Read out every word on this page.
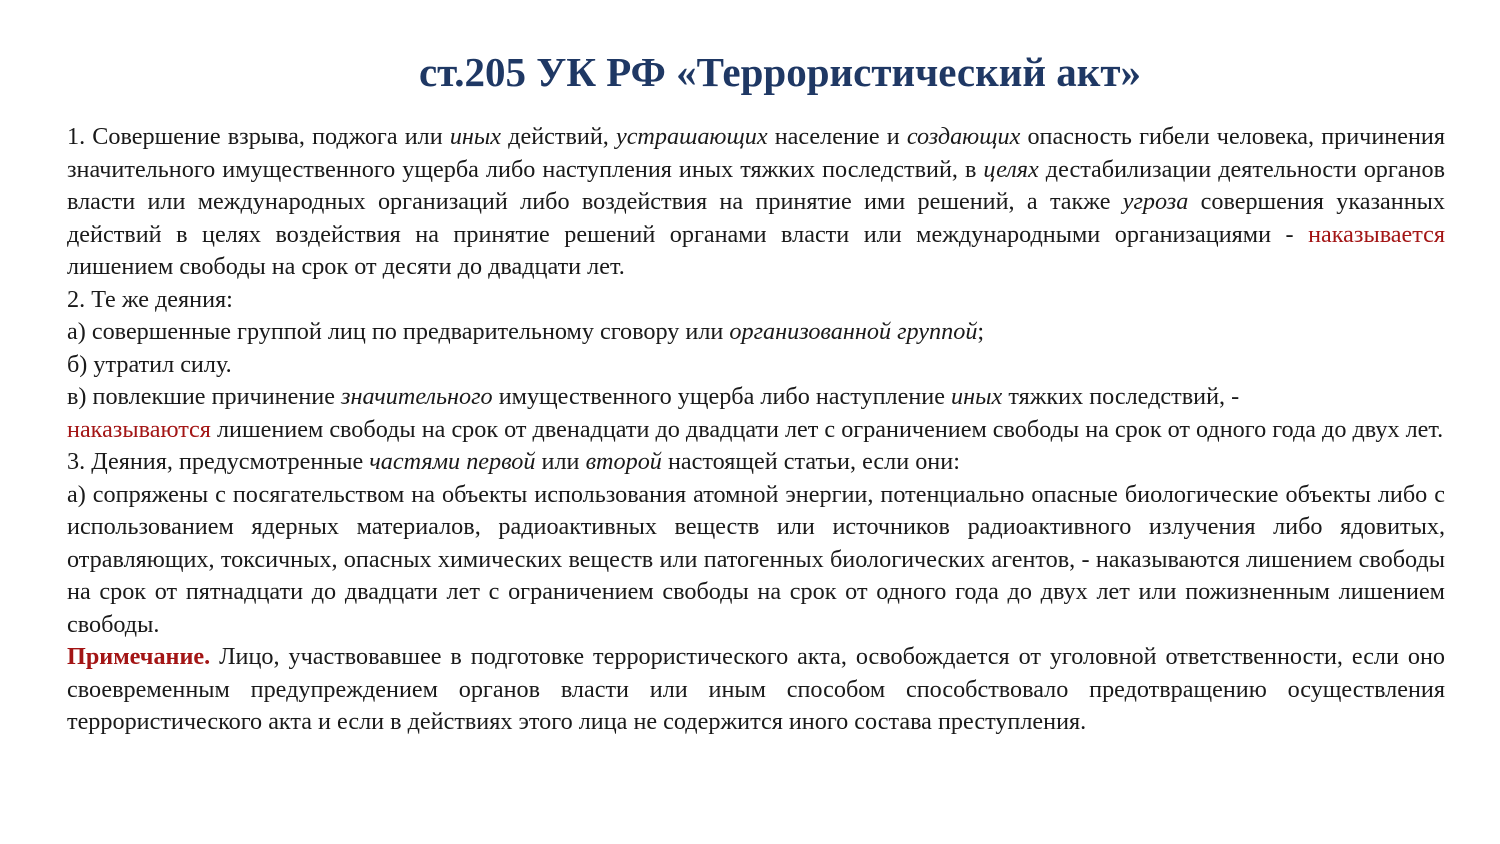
ст.205 УК РФ «Террористический акт»

1. Совершение взрыва, поджога или иных действий, устрашающих население и создающих опасность гибели человека, причинения значительного имущественного ущерба либо наступления иных тяжких последствий, в целях дестабилизации деятельности органов власти или международных организаций либо воздействия на принятие ими решений, а также угроза совершения указанных действий в целях воздействия на принятие решений органами власти или международными организациями - наказывается лишением свободы на срок от десяти до двадцати лет.

2. Те же деяния:

а) совершенные группой лиц по предварительному сговору или организованной группой;

б) утратил силу.

в) повлекшие причинение значительного имущественного ущерба либо наступление иных тяжких последствий, -

наказываются лишением свободы на срок от двенадцати до двадцати лет с ограничением свободы на срок от одного года до двух лет.

3. Деяния, предусмотренные частями первой или второй настоящей статьи, если они:

а) сопряжены с посягательством на объекты использования атомной энергии, потенциально опасные биологические объекты либо с использованием ядерных материалов, радиоактивных веществ или источников радиоактивного излучения либо ядовитых, отравляющих, токсичных, опасных химических веществ или патогенных биологических агентов, - наказываются лишением свободы на срок от пятнадцати до двадцати лет с ограничением свободы на срок от одного года до двух лет или пожизненным лишением свободы.

Примечание. Лицо, участвовавшее в подготовке террористического акта, освобождается от уголовной ответственности, если оно своевременным предупреждением органов власти или иным способом способствовало предотвращению осуществления террористического акта и если в действиях этого лица не содержится иного состава преступления.
